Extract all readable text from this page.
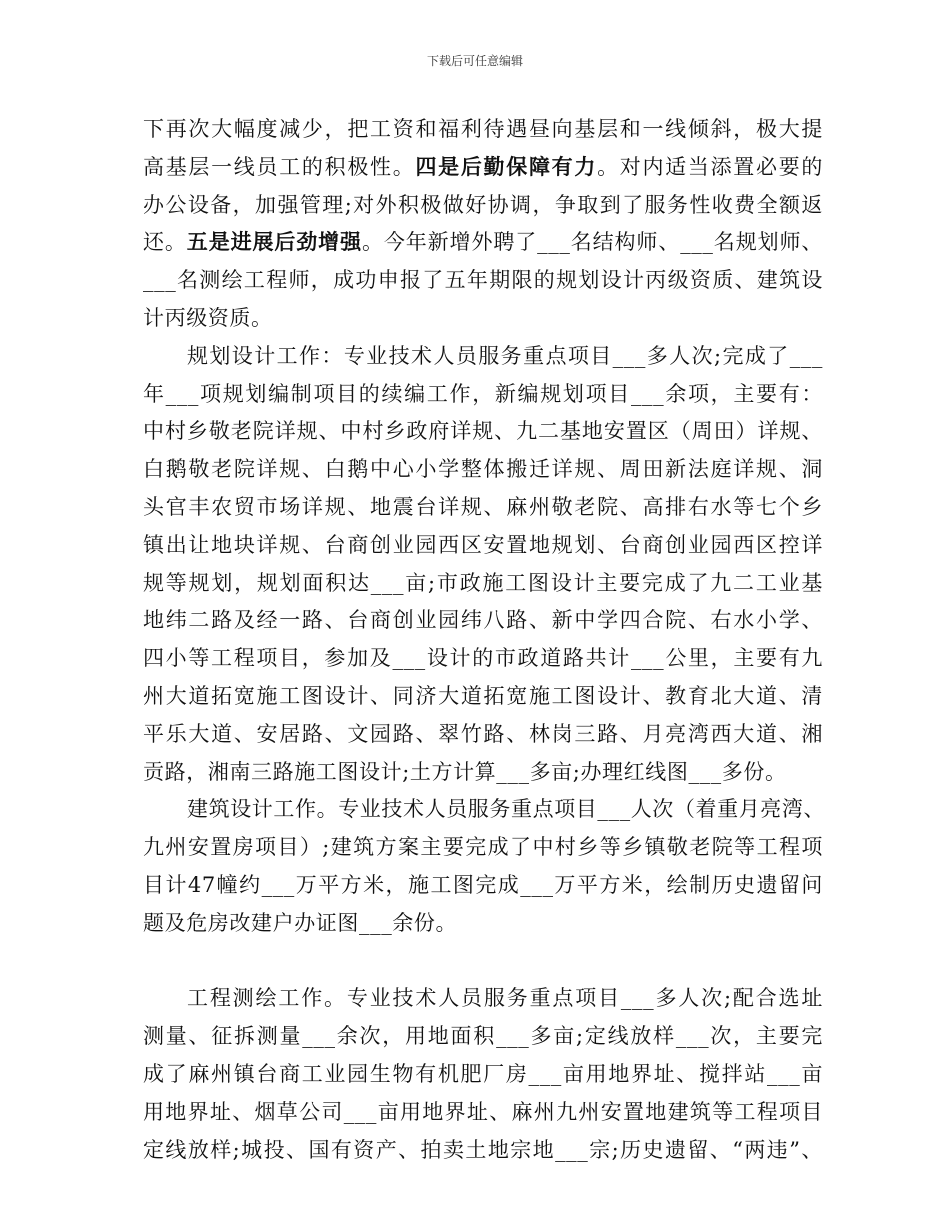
下载后可任意编辑
下再次大幅度减少，把工资和福利待遇昼向基层和一线倾斜，极大提
高基层一线员工的积极性。四是后勤保障有力。对内适当添置必要的
办公设备，加强管理;对外积极做好协调，争取到了服务性收费全额返
还。五是进展后劲增强。今年新增外聘了___名结构师、___名规划师、
___名测绘工程师，成功申报了五年期限的规划设计丙级资质、建筑设
计丙级资质。
规划设计工作：专业技术人员服务重点项目___多人次;完成了___
年___项规划编制项目的续编工作，新编规划项目___余项，主要有：
中村乡敬老院详规、中村乡政府详规、九二基地安置区（周田）详规、
白鹅敬老院详规、白鹅中心小学整体搬迁详规、周田新法庭详规、洞
头官丰农贸市场详规、地震台详规、麻州敬老院、高排右水等七个乡
镇出让地块详规、台商创业园西区安置地规划、台商创业园西区控详
规等规划，规划面积达___亩;市政施工图设计主要完成了九二工业基
地纬二路及经一路、台商创业园纬八路、新中学四合院、右水小学、
四小等工程项目，参加及___设计的市政道路共计___公里，主要有九
州大道拓宽施工图设计、同济大道拓宽施工图设计、教育北大道、清
平乐大道、安居路、文园路、翠竹路、林岗三路、月亮湾西大道、湘
贡路，湘南三路施工图设计;土方计算___多亩;办理红线图___多份。
建筑设计工作。专业技术人员服务重点项目___人次（着重月亮湾、
九州安置房项目）;建筑方案主要完成了中村乡等乡镇敬老院等工程项
目计47幢约___万平方米，施工图完成___万平方米，绘制历史遗留问
题及危房改建户办证图___余份。
工程测绘工作。专业技术人员服务重点项目___多人次;配合选址
测量、征拆测量___余次，用地面积___多亩;定线放样___次，主要完
成了麻州镇台商工业园生物有机肥厂房___亩用地界址、搅拌站___亩
用地界址、烟草公司___亩用地界址、麻州九州安置地建筑等工程项目
定线放样;城投、国有资产、拍卖土地宗地___宗;历史遗留、“两违”、
